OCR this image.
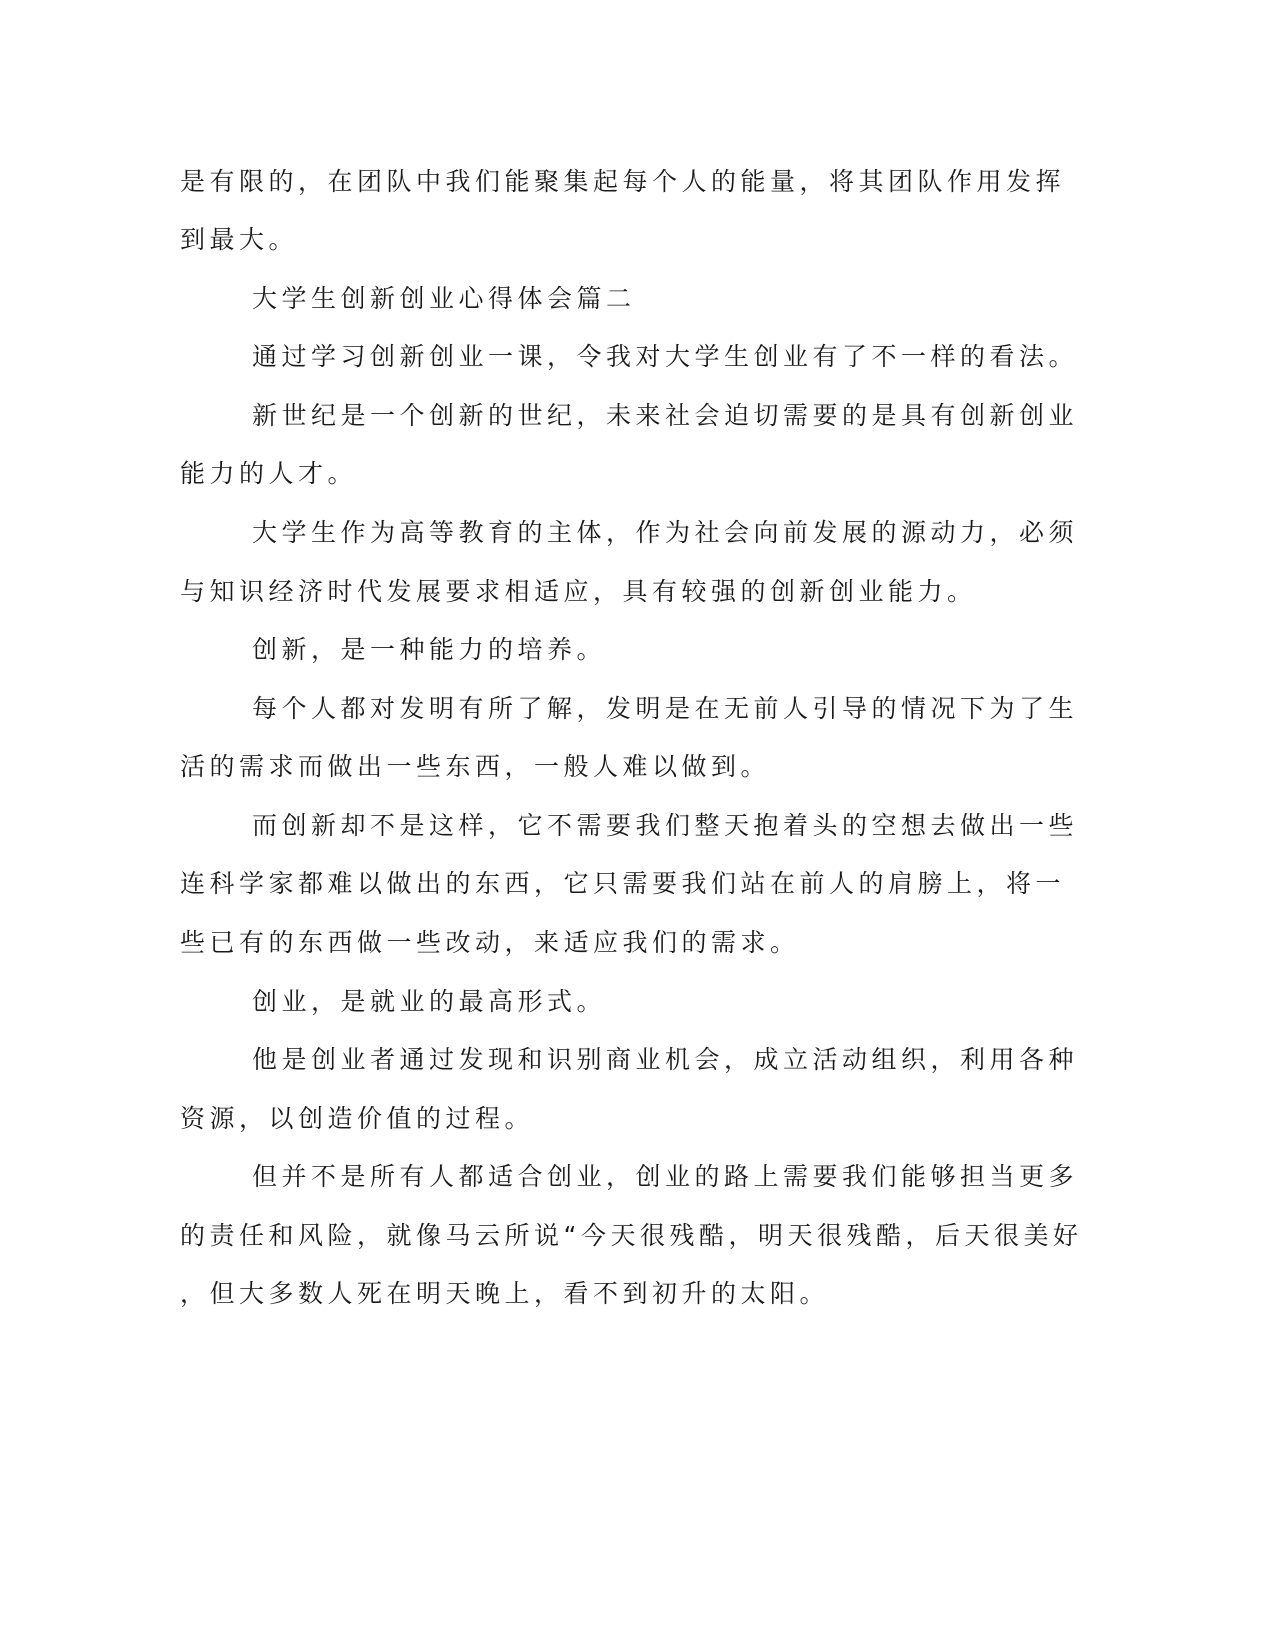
是有限的，在团队中我们能聚集起每个人的能量，将其团队作用发挥
到最大。
大学生创新创业心得体会篇二
通过学习创新创业一课，令我对大学生创业有了不一样的看法。
新世纪是一个创新的世纪，未来社会迫切需要的是具有创新创业
能力的人才。
大学生作为高等教育的主体，作为社会向前发展的源动力，必须
与知识经济时代发展要求相适应，具有较强的创新创业能力。
创新，是一种能力的培养。
每个人都对发明有所了解，发明是在无前人引导的情况下为了生
活的需求而做出一些东西，一般人难以做到。
而创新却不是这样，它不需要我们整天抱着头的空想去做出一些
连科学家都难以做出的东西，它只需要我们站在前人的肩膀上，将一
些已有的东西做一些改动，来适应我们的需求。
创业，是就业的最高形式。
他是创业者通过发现和识别商业机会，成立活动组织，利用各种
资源，以创造价值的过程。
但并不是所有人都适合创业，创业的路上需要我们能够担当更多
的责任和风险，就像马云所说“今天很残酷，明天很残酷，后天很美好
，但大多数人死在明天晚上，看不到初升的太阳。
